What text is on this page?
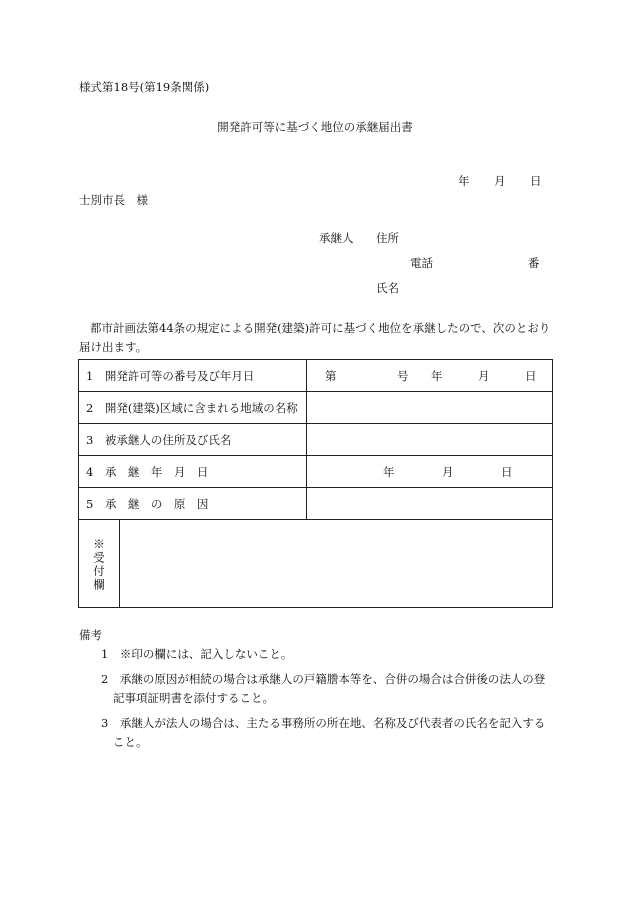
様式第18号(第19条関係)
開発許可等に基づく地位の承継届出書
年 月 日
士別市長　様
承継人 住所
電話	番
氏名
都市計画法第44条の規定による開発(建築)許可に基づく地位を承継したので、次のとおり届け出ます。
1　開発許可等の番号及び年月日		第 号 年 月 日

2　開発(建築)区域に含まれる地域の名称		
3　被承継人の住所及び氏名		
4　承　継　年　月　日		年 月 日

5　承　継　の　原　因		
※受付欄		
備考
1　※印の欄には、記入しないこと。
2　承継の原因が相続の場合は承継人の戸籍謄本等を、合併の場合は合併後の法人の登記事項証明書を添付すること。
3　承継人が法人の場合は、主たる事務所の所在地、名称及び代表者の氏名を記入すること。
